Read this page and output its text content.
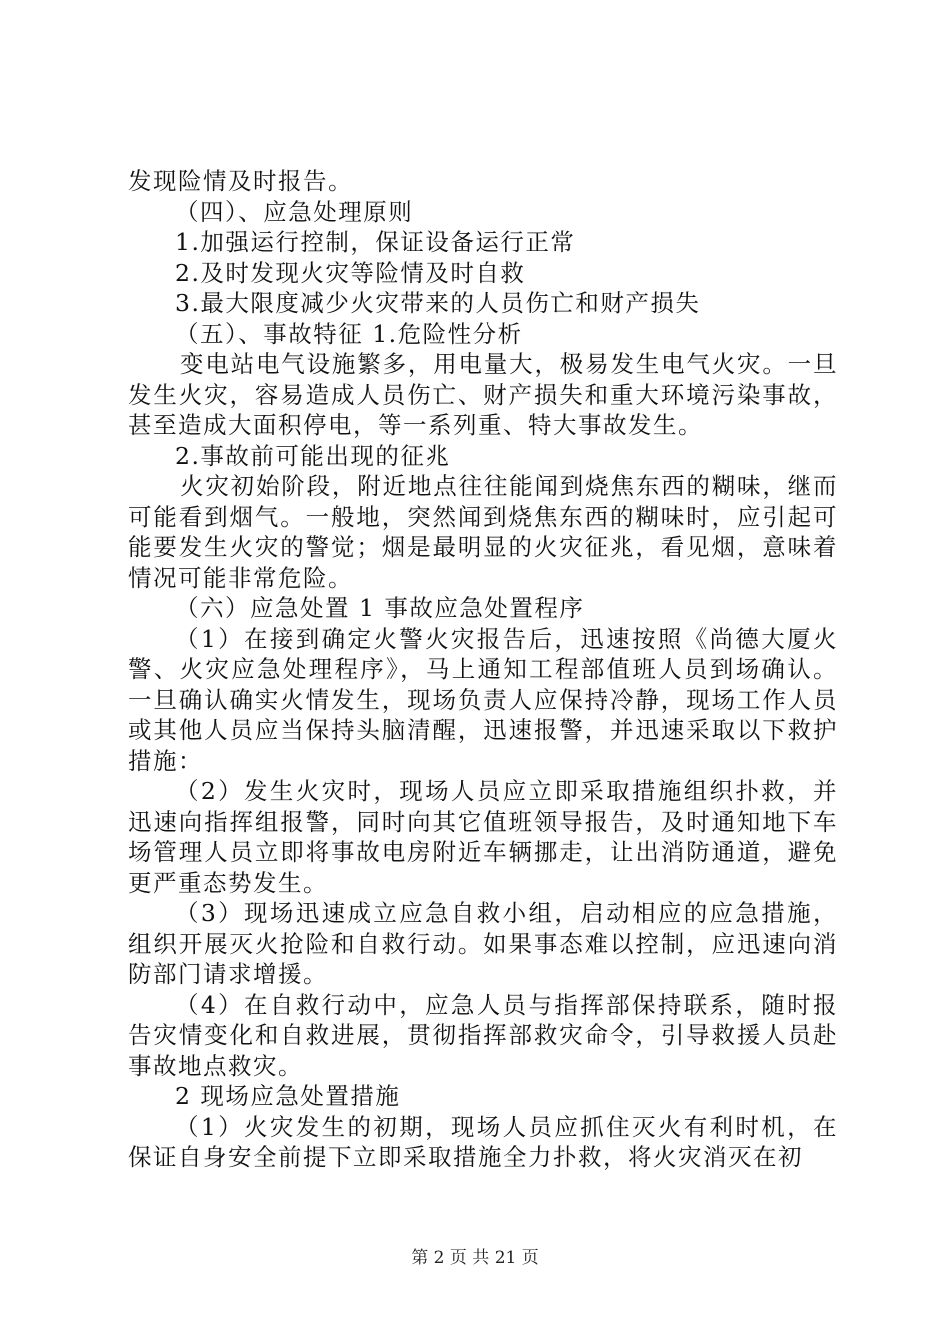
发现险情及时报告。

（四）、应急处理原则

1.加强运行控制，保证设备运行正常

2.及时发现火灾等险情及时自救

3.最大限度减少火灾带来的人员伤亡和财产损失

（五）、事故特征 1.危险性分析

变电站电气设施繁多，用电量大，极易发生电气火灾。一旦发生火灾，容易造成人员伤亡、财产损失和重大环境污染事故，甚至造成大面积停电，等一系列重、特大事故发生。

2.事故前可能出现的征兆

火灾初始阶段，附近地点往往能闻到烧焦东西的糊味，继而可能看到烟气。一般地，突然闻到烧焦东西的糊味时，应引起可能要发生火灾的警觉；烟是最明显的火灾征兆，看见烟，意味着情况可能非常危险。

（六）应急处置 1 事故应急处置程序

（1）在接到确定火警火灾报告后，迅速按照《尚德大厦火警、火灾应急处理程序》，马上通知工程部值班人员到场确认。一旦确认确实火情发生，现场负责人应保持冷静，现场工作人员或其他人员应当保持头脑清醒，迅速报警，并迅速采取以下救护措施：

（2）发生火灾时，现场人员应立即采取措施组织扑救，并迅速向指挥组报警，同时向其它值班领导报告，及时通知地下车场管理人员立即将事故电房附近车辆挪走，让出消防通道，避免更严重态势发生。

（3）现场迅速成立应急自救小组，启动相应的应急措施，组织开展灭火抢险和自救行动。如果事态难以控制，应迅速向消防部门请求增援。

（4）在自救行动中，应急人员与指挥部保持联系，随时报告灾情变化和自救进展，贯彻指挥部救灾命令，引导救援人员赴事故地点救灾。

2 现场应急处置措施

（1）火灾发生的初期，现场人员应抓住灭火有利时机，在保证自身安全前提下立即采取措施全力扑救，将火灾消灭在初

第 2 页 共 21 页
